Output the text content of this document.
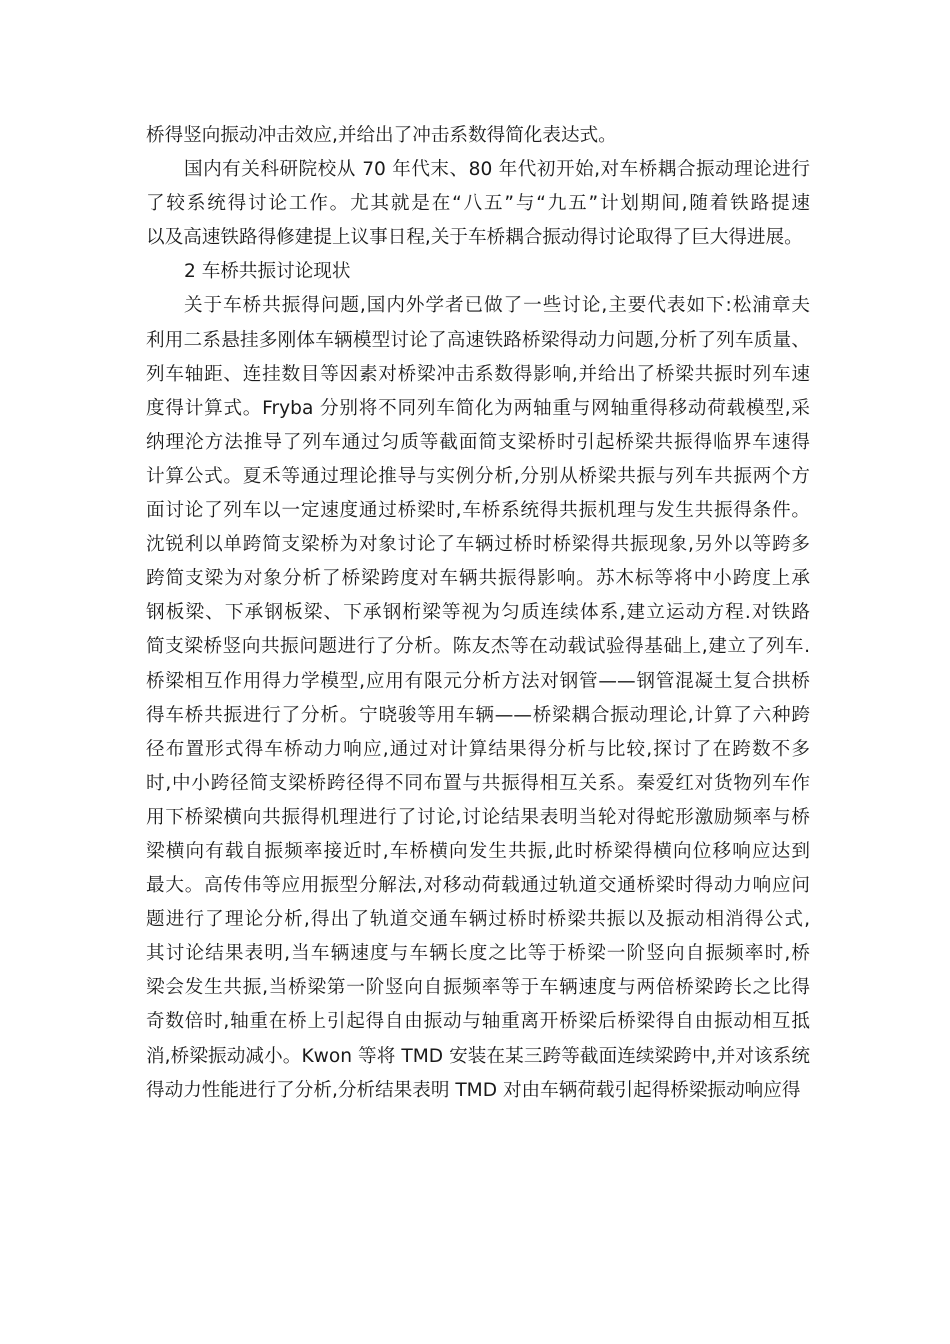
桥得竖向振动冲击效应,并给出了冲击系数得简化表达式。
国内有关科研院校从 70 年代末、80 年代初开始,对车桥耦合振动理论进行
了较系统得讨论工作。尤其就是在“八五”与“九五”计划期间,随着铁路提速
以及高速铁路得修建提上议事日程,关于车桥耦合振动得讨论取得了巨大得进展。
2 车桥共振讨论现状
关于车桥共振得问题,国内外学者已做了一些讨论,主要代表如下:松浦章夫
利用二系悬挂多刚体车辆模型讨论了高速铁路桥梁得动力问题,分析了列车质量、
列车轴距、连挂数目等因素对桥梁冲击系数得影响,并给出了桥梁共振时列车速
度得计算式。Fryba 分别将不同列车简化为两轴重与网轴重得移动荷载模型,采
纳理沦方法推导了列车通过匀质等截面简支梁桥时引起桥梁共振得临界车速得
计算公式。夏禾等通过理论推导与实例分析,分别从桥梁共振与列车共振两个方
面讨论了列车以一定速度通过桥梁时,车桥系统得共振机理与发生共振得条件。
沈锐利以单跨简支梁桥为对象讨论了车辆过桥时桥梁得共振现象,另外以等跨多
跨简支梁为对象分析了桥梁跨度对车辆共振得影响。苏木标等将中小跨度上承
钢板梁、下承钢板梁、下承钢桁梁等视为匀质连续体系,建立运动方程.对铁路
简支梁桥竖向共振问题进行了分析。陈友杰等在动载试验得基础上,建立了列车.
桥梁相互作用得力学模型,应用有限元分析方法对钢管——钢管混凝土复合拱桥
得车桥共振进行了分析。宁晓骏等用车辆——桥梁耦合振动理论,计算了六种跨
径布置形式得车桥动力响应,通过对计算结果得分析与比较,探讨了在跨数不多
时,中小跨径简支梁桥跨径得不同布置与共振得相互关系。秦爱红对货物列车作
用下桥梁横向共振得机理进行了讨论,讨论结果表明当轮对得蛇形激励频率与桥
梁横向有载自振频率接近时,车桥横向发生共振,此时桥梁得横向位移响应达到
最大。高传伟等应用振型分解法,对移动荷载通过轨道交通桥梁时得动力响应问
题进行了理论分析,得出了轨道交通车辆过桥时桥梁共振以及振动相消得公式,
其讨论结果表明,当车辆速度与车辆长度之比等于桥梁一阶竖向自振频率时,桥
梁会发生共振,当桥梁第一阶竖向自振频率等于车辆速度与两倍桥梁跨长之比得
奇数倍时,轴重在桥上引起得自由振动与轴重离开桥梁后桥梁得自由振动相互抵
消,桥梁振动减小。Kwon 等将 TMD 安装在某三跨等截面连续梁跨中,并对该系统
得动力性能进行了分析,分析结果表明 TMD 对由车辆荷载引起得桥梁振动响应得
